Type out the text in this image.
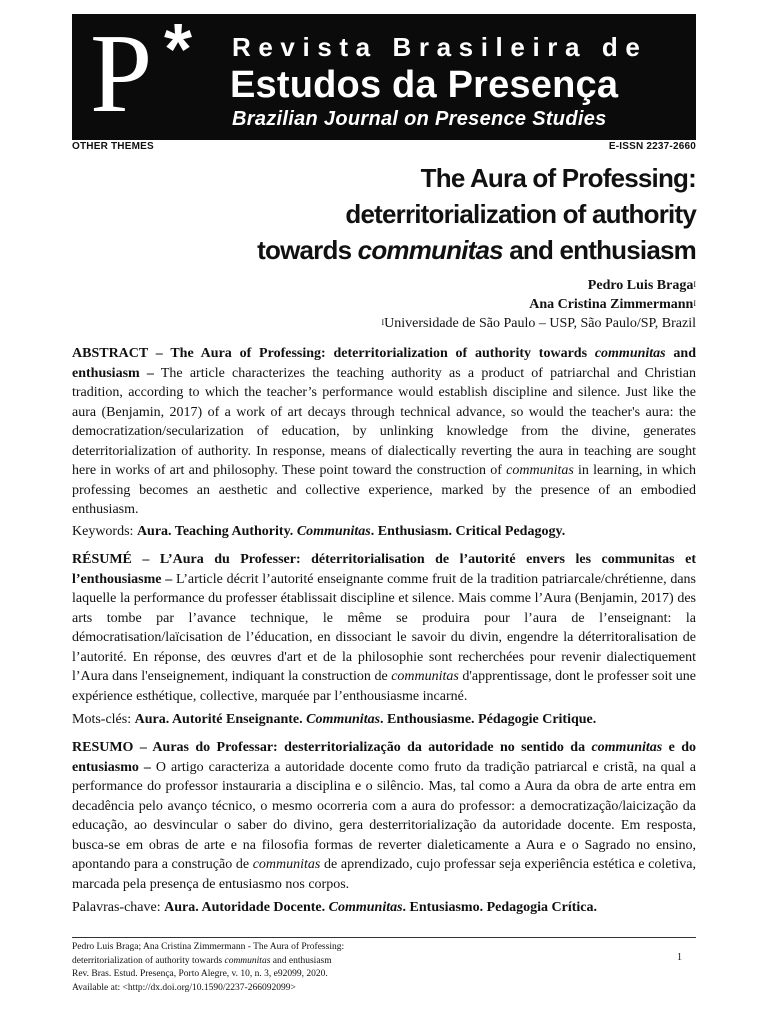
P * Revista Brasileira de
Estudos da Presença
Brazilian Journal on Presence Studies
OTHER THEMES	E-ISSN 2237-2660
The Aura of Professing:
deterritorialization of authority
towards communitas and enthusiasm
Pedro Luis Braga$^I$
Ana Cristina Zimmermann$^I$
$^I$Universidade de São Paulo – USP, São Paulo/SP, Brazil
ABSTRACT – The Aura of Professing: deterritorialization of authority towards communitas and enthusiasm – The article characterizes the teaching authority as a product of patriarchal and Christian tradition, according to which the teacher’s performance would establish discipline and silence. Just like the aura (Benjamin, 2017) of a work of art decays through technical advance, so would the teacher's aura: the democratization/secularization of education, by unlinking knowledge from the divine, generates deterritorialization of authority. In response, means of dialectically reverting the aura in teaching are sought here in works of art and philosophy. These point toward the construction of communitas in learning, in which professing becomes an aesthetic and collective experience, marked by the presence of an embodied enthusiasm.
Keywords: Aura. Teaching Authority. Communitas. Enthusiasm. Critical Pedagogy.
RÉSUMÉ – L’Aura du Professer: déterritorialisation de l’autorité envers les communitas et l’enthousiasme – L’article décrit l’autorité enseignante comme fruit de la tradition patriarcale/chrétienne, dans laquelle la performance du professer établissait discipline et silence. Mais comme l’Aura (Benjamin, 2017) des arts tombe par l’avance technique, le même se produira pour l’aura de l’enseignant: la démocratisation/laïcisation de l’éducation, en dissociant le savoir du divin, engendre la déterritoralisation de l’autorité. En réponse, des œuvres d'art et de la philosophie sont recherchées pour revenir dialectiquement l’Aura dans l'enseignement, indiquant la construction de communitas d'apprentissage, dont le professer soit une expérience esthétique, collective, marquée par l’enthousiasme incarné.
Mots-clés: Aura. Autorité Enseignante. Communitas. Enthousiasme. Pédagogie Critique.
RESUMO – Auras do Professar: desterritorialização da autoridade no sentido da communitas e do entusiasmo – O artigo caracteriza a autoridade docente como fruto da tradição patriarcal e cristã, na qual a performance do professor instauraria a disciplina e o silêncio. Mas, tal como a Aura da obra de arte entra em decadência pelo avanço técnico, o mesmo ocorreria com a aura do professor: a democratização/laicização da educação, ao desvincular o saber do divino, gera desterritorialização da autoridade docente. Em resposta, busca-se em obras de arte e na filosofia formas de reverter dialeticamente a Aura e o Sagrado no ensino, apontando para a construção de communitas de aprendizado, cujo professar seja experiência estética e coletiva, marcada pela presença de entusiasmo nos corpos.
Palavras-chave: Aura. Autoridade Docente. Communitas. Entusiasmo. Pedagogia Crítica.
Pedro Luis Braga; Ana Cristina Zimmermann - The Aura of Professing:
deterritorialization of authority towards communitas and enthusiasm
Rev. Bras. Estud. Presença, Porto Alegre, v. 10, n. 3, e92099, 2020.
Available at: <http://dx.doi.org/10.1590/2237-266092099>
1
